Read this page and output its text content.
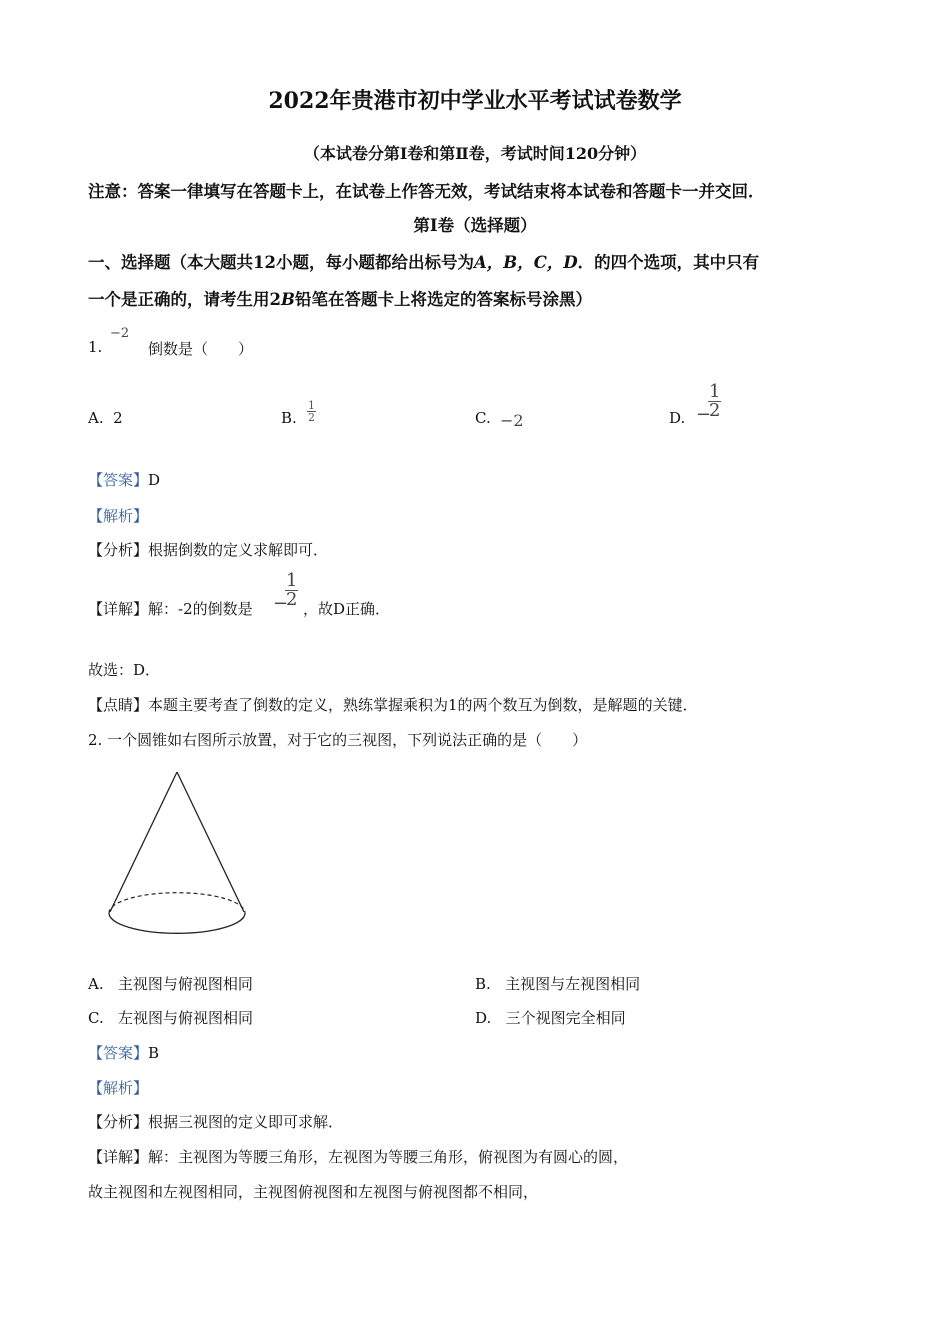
2022年贵港市初中学业水平考试试卷数学
（本试卷分第Ⅰ卷和第Ⅱ卷，考试时间120分钟）
注意：答案一律填写在答题卡上，在试卷上作答无效，考试结束将本试卷和答题卡一并交回．
第Ⅰ卷（选择题）
一、选择题（本大题共12小题，每小题都给出标号为A，B，C，D．的四个选项，其中只有
一个是正确的，请考生用2B铅笔在答题卡上将选定的答案标号涂黑）
1.
−2
倒数是（　　）
A. 2	B. $\frac{1}{2}$	C. −2	D. −
$\frac{1}{2}$
【答案】D
【解析】
【分析】根据倒数的定义求解即可．
【详解】解：-2的倒数是 −
$\frac{1}{2}$ ，故D正确．
故选：D．
【点睛】本题主要考查了倒数的定义，熟练掌握乘积为1的两个数互为倒数，是解题的关键．
2. 一个圆锥如右图所示放置，对于它的三视图，下列说法正确的是（　　）
A. 主视图与俯视图相同	B. 主视图与左视图相同
C. 左视图与俯视图相同	D. 三个视图完全相同
【答案】B
【解析】
【分析】根据三视图的定义即可求解．
【详解】解：主视图为等腰三角形，左视图为等腰三角形，俯视图为有圆心的圆，
故主视图和左视图相同，主视图俯视图和左视图与俯视图都不相同，
